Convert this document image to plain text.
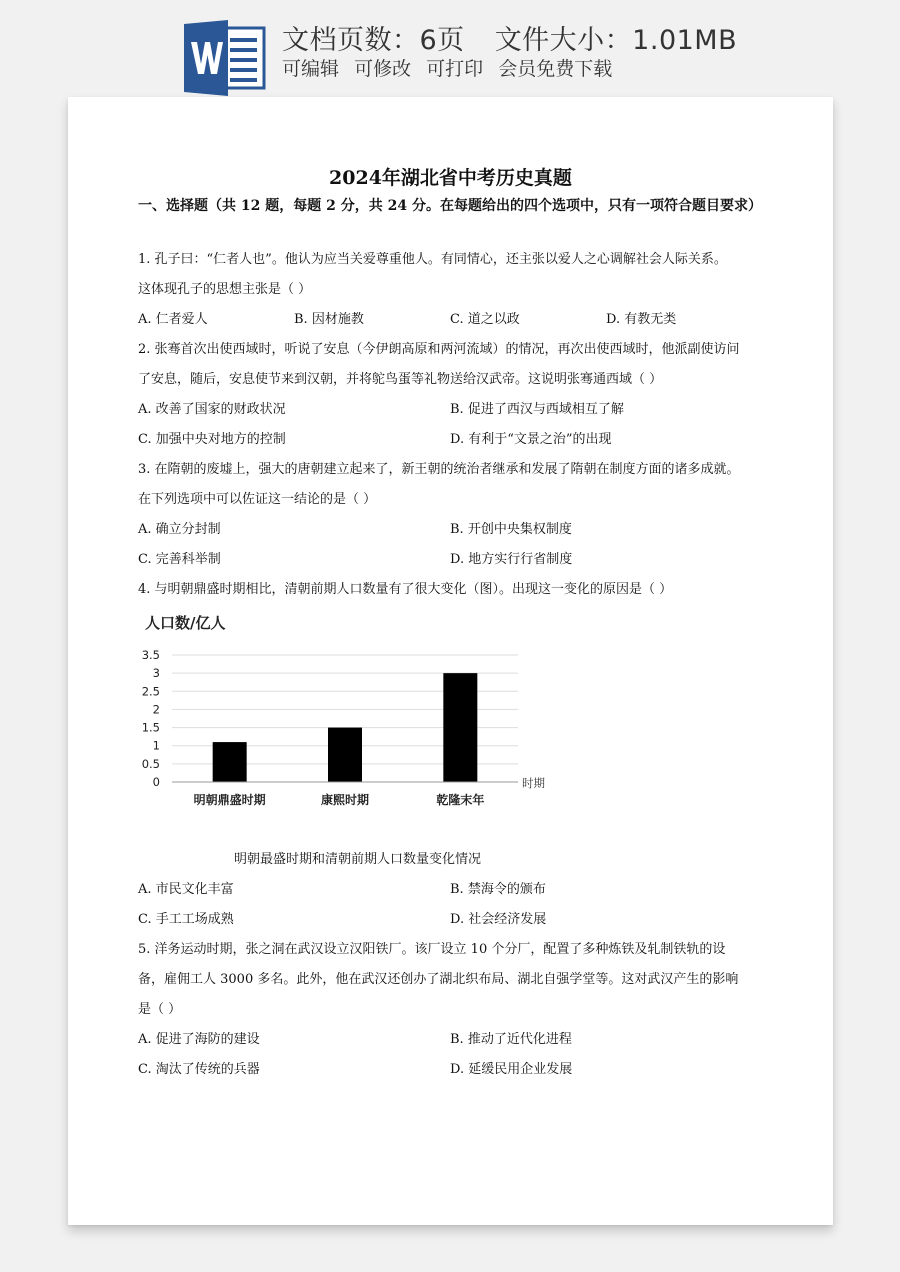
文档页数：6页 文件大小：1.01MB
可编辑 可修改 可打印 会员免费下载
2024年湖北省中考历史真题
一、选择题（共 12 题，每题 2 分，共 24 分。在每题给出的四个选项中，只有一项符合题目要求）
1. 孔子曰：“仁者人也”。他认为应当关爱尊重他人。有同情心，还主张以爱人之心调解社会人际关系。
这体现孔子的思想主张是（ ）
A. 仁者爱人	B. 因材施教	C. 道之以政	D. 有教无类
2. 张骞首次出使西域时，听说了安息（今伊朗高原和两河流域）的情况，再次出使西域时，他派副使访问
了安息，随后，安息使节来到汉朝，并将鸵鸟蛋等礼物送给汉武帝。这说明张骞通西域（ ）
A. 改善了国家的财政状况	B. 促进了西汉与西域相互了解
C. 加强中央对地方的控制	D. 有利于“文景之治”的出现
3. 在隋朝的废墟上，强大的唐朝建立起来了，新王朝的统治者继承和发展了隋朝在制度方面的诸多成就。
在下列选项中可以佐证这一结论的是（ ）
A. 确立分封制	B. 开创中央集权制度
C. 完善科举制	D. 地方实行行省制度
4. 与明朝鼎盛时期相比，清朝前期人口数量有了很大变化（图）。出现这一变化的原因是（ ）
人口数/亿人
3.5
3
2.5
2
1.5
1
0.5
0
明朝鼎盛时期	康熙时期	乾隆末年
时期
明朝最盛时期和清朝前期人口数量变化情况
A. 市民文化丰富	B. 禁海令的颁布
C. 手工工场成熟	D. 社会经济发展
5. 洋务运动时期，张之洞在武汉设立汉阳铁厂。该厂设立 10 个分厂，配置了多种炼铁及轧制铁轨的设
备，雇佣工人 3000 多名。此外，他在武汉还创办了湖北织布局、湖北自强学堂等。这对武汉产生的影响
是（ ）
A. 促进了海防的建设	B. 推动了近代化进程
C. 淘汰了传统的兵器	D. 延缓民用企业发展
